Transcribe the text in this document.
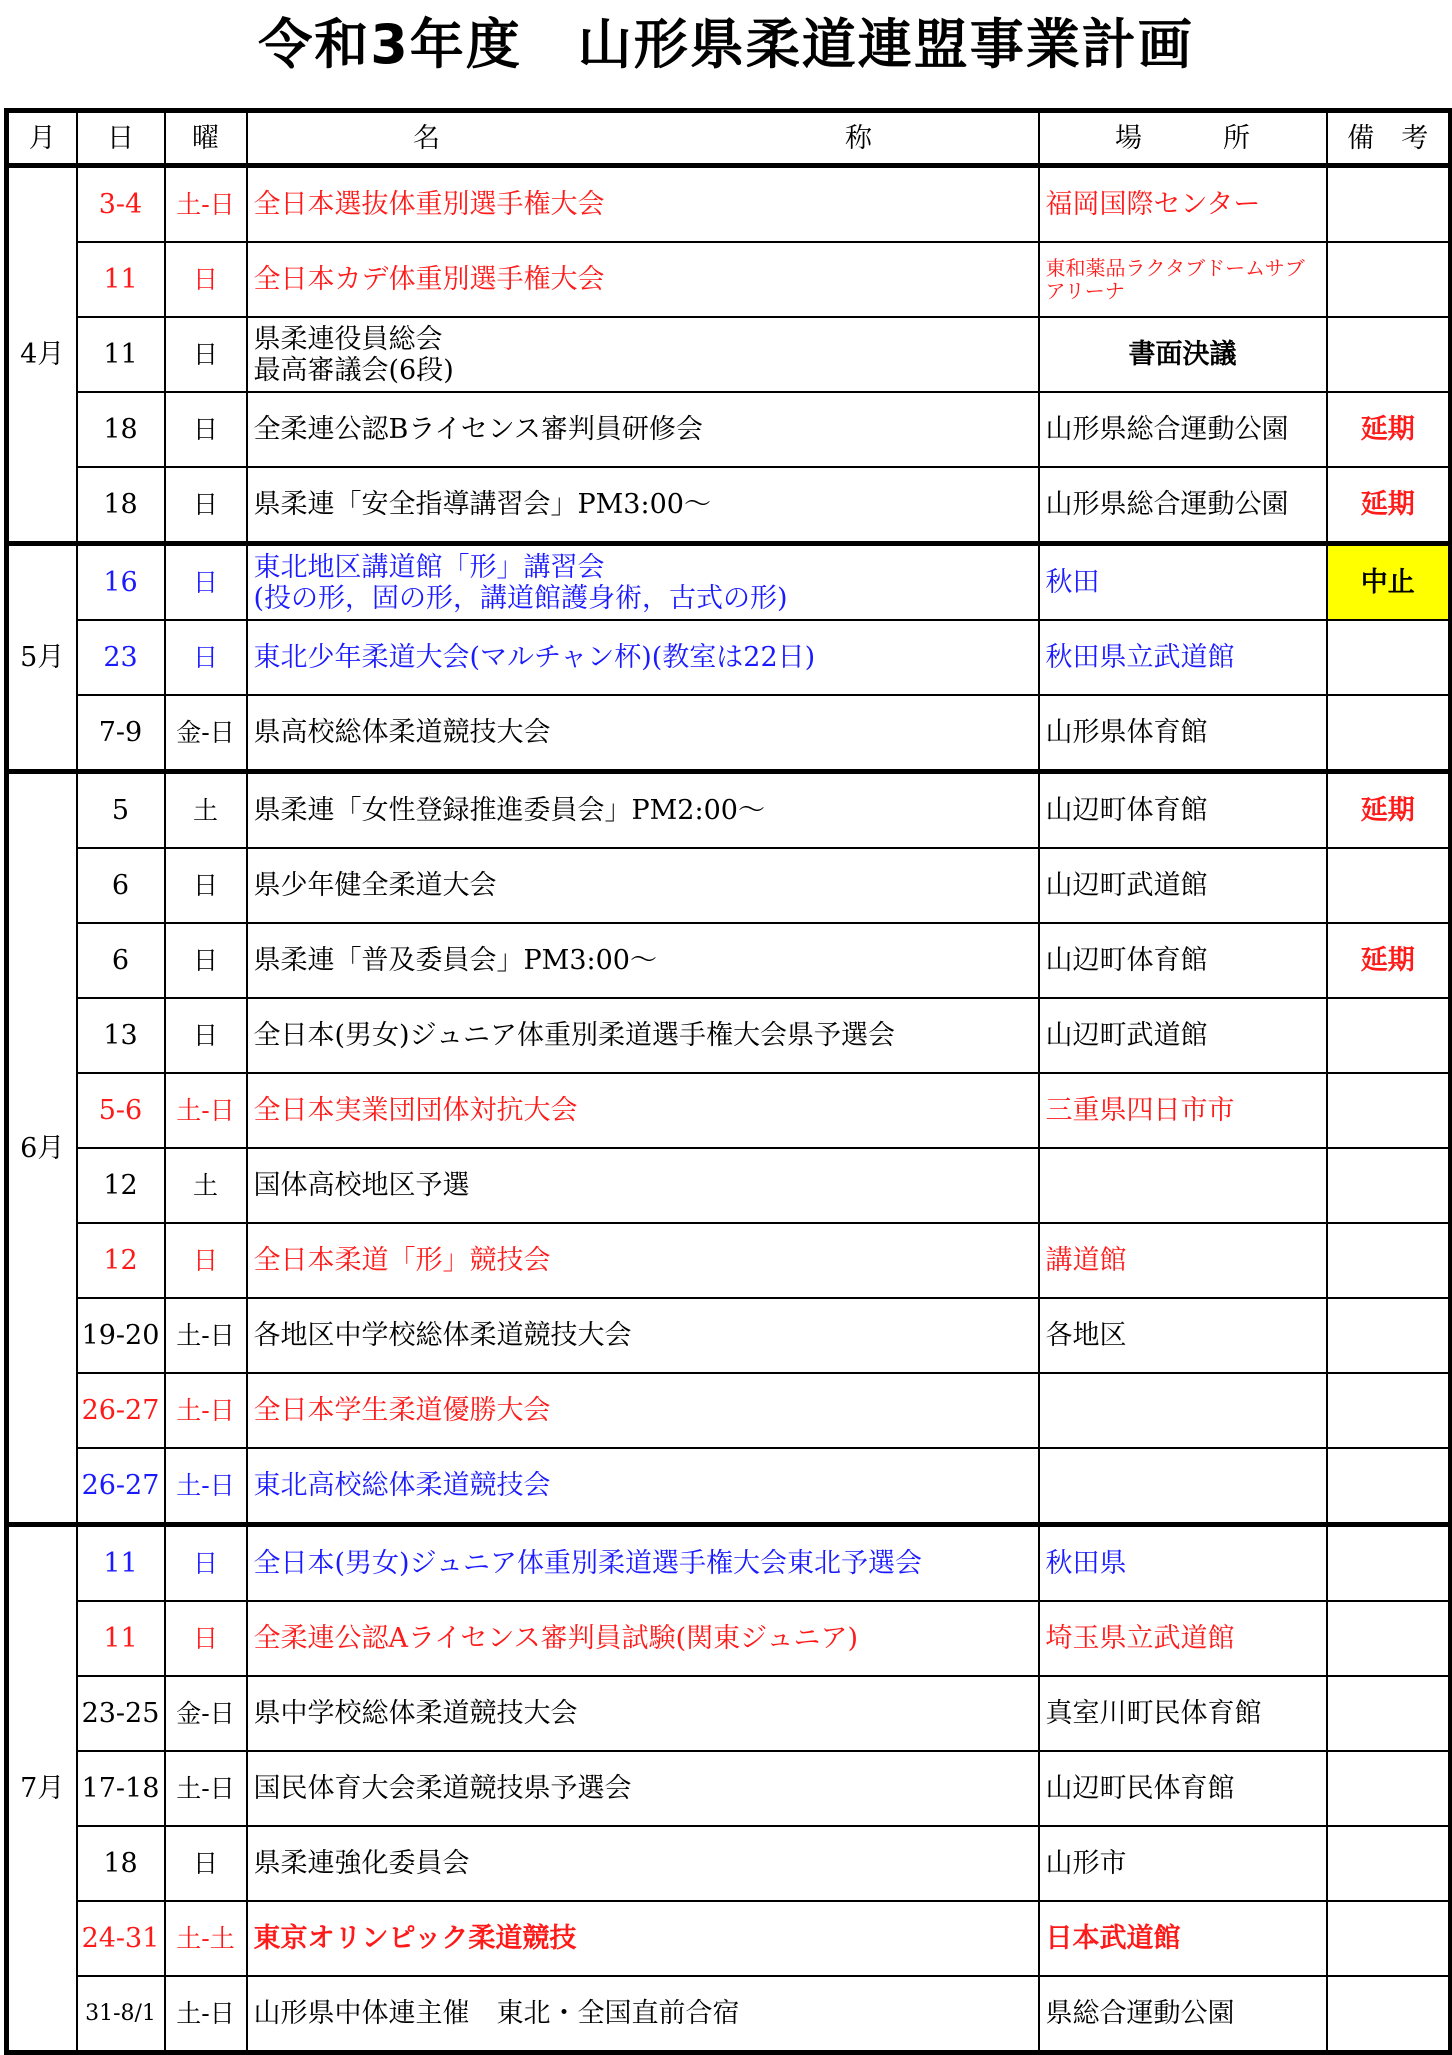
令和3年度　山形県柔道連盟事業計画
月	日	曜	名　　　　　　　　　　　　　　　称	場　　　所	備　考
4月	3-4	土-日	全日本選抜体重別選手権大会	福岡国際センター	
	11	日	全日本カデ体重別選手権大会	東和薬品ラクタブドームサブアリーナ	
	11	日	県柔連役員総会
最高審議会(6段)	書面決議	
	18	日	全柔連公認Bライセンス審判員研修会	山形県総合運動公園	延期
	18	日	県柔連「安全指導講習会」PM3:00～	山形県総合運動公園	延期
5月	16	日	東北地区講道館「形」講習会
(投の形，固の形，講道館護身術，古式の形)	秋田	中止
	23	日	東北少年柔道大会(マルチャン杯)(教室は22日)	秋田県立武道館	
	7-9	金-日	県高校総体柔道競技大会	山形県体育館	
6月	5	土	県柔連「女性登録推進委員会」PM2:00～	山辺町体育館	延期
	6	日	県少年健全柔道大会	山辺町武道館	
	6	日	県柔連「普及委員会」PM3:00～	山辺町体育館	延期
	13	日	全日本(男女)ジュニア体重別柔道選手権大会県予選会	山辺町武道館	
	5-6	土-日	全日本実業団団体対抗大会	三重県四日市市	
	12	土	国体高校地区予選		
	12	日	全日本柔道「形」競技会	講道館	
	19-20	土-日	各地区中学校総体柔道競技大会	各地区	
	26-27	土-日	全日本学生柔道優勝大会		
	26-27	土-日	東北高校総体柔道競技会		
7月	11	日	全日本(男女)ジュニア体重別柔道選手権大会東北予選会	秋田県	
	11	日	全柔連公認Aライセンス審判員試験(関東ジュニア)	埼玉県立武道館	
	23-25	金-日	県中学校総体柔道競技大会	真室川町民体育館	
	17-18	土-日	国民体育大会柔道競技県予選会	山辺町民体育館	
	18	日	県柔連強化委員会	山形市	
	24-31	土-土	東京オリンピック柔道競技	日本武道館	
	31-8/1	土-日	山形県中体連主催　東北・全国直前合宿	県総合運動公園	
